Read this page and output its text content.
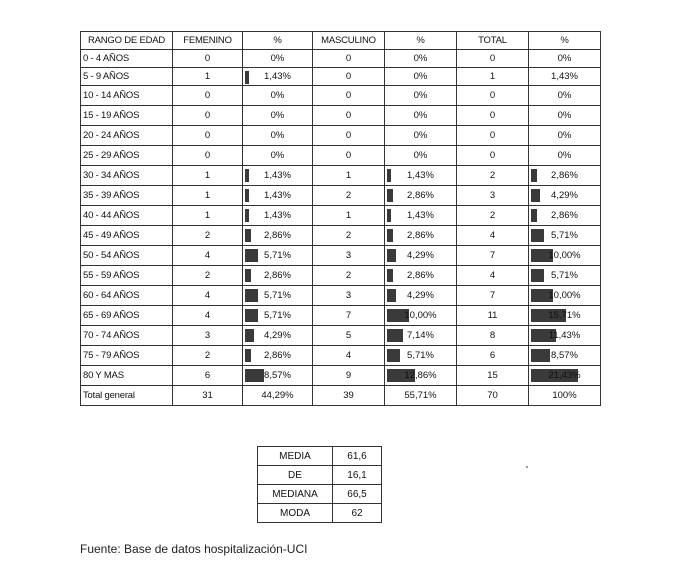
RANGO DE EDAD	FEMENINO	%	MASCULINO	%	TOTAL	%
0 - 4 AÑOS	0	0%	0	0%	0	0%
5 - 9 AÑOS	1	1,43%	0	0%	1	1,43%
10 - 14 AÑOS	0	0%	0	0%	0	0%
15 - 19 AÑOS	0	0%	0	0%	0	0%
20 - 24 AÑOS	0	0%	0	0%	0	0%
25 - 29 AÑOS	0	0%	0	0%	0	0%
30 - 34 AÑOS	1	1,43%	1	1,43%	2	2,86%
35 - 39 AÑOS	1	1,43%	2	2,86%	3	4,29%
40 - 44 AÑOS	1	1,43%	1	1,43%	2	2,86%
45 - 49 AÑOS	2	2,86%	2	2,86%	4	5,71%
50 - 54 AÑOS	4	5,71%	3	4,29%	7	10,00%
55 - 59 AÑOS	2	2,86%	2	2,86%	4	5,71%
60 - 64 AÑOS	4	5,71%	3	4,29%	7	10,00%
65 - 69 AÑOS	4	5,71%	7	10,00%	11	15,71%
70 - 74 AÑOS	3	4,29%	5	7,14%	8	11,43%
75 - 79 AÑOS	2	2,86%	4	5,71%	6	8,57%
80 Y MAS	6	8,57%	9	12,86%	15	21,43%
Total general	31	44,29%	39	55,71%	70	100%
MEDIA	61,6
DE	16,1
MEDIANA	66,5
MODA	62
Fuente: Base de datos hospitalización-UCI
